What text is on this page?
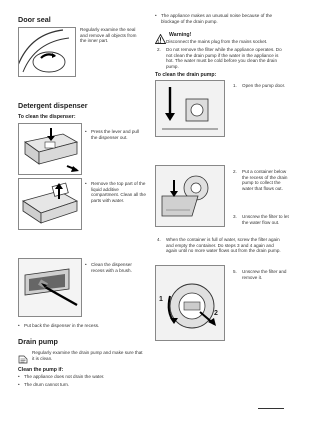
Door seal
Regularly examine the seal and remove all objects from the inner part.
Detergent dispenser
To clean the dispenser:
• Press the lever and pull the dispenser out.
• Remove the top part of the liquid additive compartment. Clean all the parts with water.
• Clean the dispenser recess with a brush.
• Put back the dispenser in the recess.
Drain pump
Regularly examine the drain pump and make sure that it is clean.
Clean the pump if:
• The appliance does not drain the water.
• The drum cannot turn.
• The appliance makes an unusual noise because of the blockage of the drain pump.
Warning!
1. Disconnect the mains plug from the mains socket.
2. Do not remove the filter while the appliance operates. Do not clean the drain pump if the water in the appliance is hot. The water must be cold before you clean the drain pump.
To clean the drain pump:
1. Open the pump door.
2. Put a container below the recess of the drain pump to collect the water that flows out.
3. Unscrew the filter to let the water flow out.
4. When the container is full of water, screw the filter again and empty the container. Do steps 3 and 4 again and again until no more water flows out from the drain pump.
1
2
5. Unscrew the filter and remove it.
